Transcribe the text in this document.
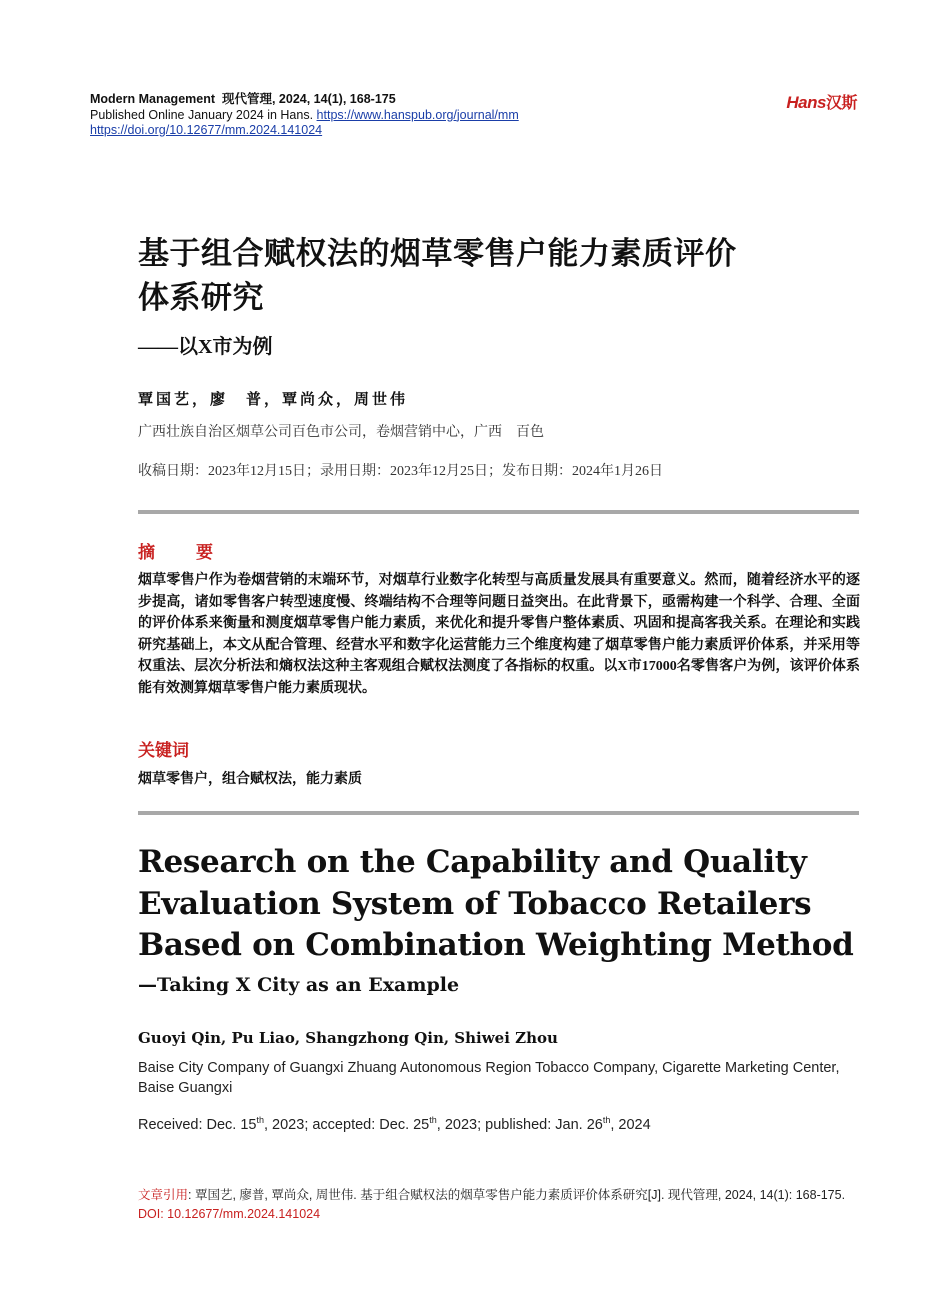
Modern Management 现代管理, 2024, 14(1), 168-175
Published Online January 2024 in Hans. https://www.hanspub.org/journal/mm
https://doi.org/10.12677/mm.2024.141024
Hans汉斯
基于组合赋权法的烟草零售户能力素质评价
体系研究
——以X市为例
覃国艺，廖　普，覃尚众，周世伟
广西壮族自治区烟草公司百色市公司，卷烟营销中心，广西　百色
收稿日期：2023年12月15日；录用日期：2023年12月25日；发布日期：2024年1月26日
摘　要
烟草零售户作为卷烟营销的末端环节，对烟草行业数字化转型与高质量发展具有重要意义。然而，随着经济水平的逐步提高，诸如零售客户转型速度慢、终端结构不合理等问题日益突出。在此背景下，亟需构建一个科学、合理、全面的评价体系来衡量和测度烟草零售户能力素质，来优化和提升零售户整体素质、巩固和提高客我关系。在理论和实践研究基础上，本文从配合管理、经营水平和数字化运营能力三个维度构建了烟草零售户能力素质评价体系，并采用等权重法、层次分析法和熵权法这种主客观组合赋权法测度了各指标的权重。以X市17000名零售客户为例，该评价体系能有效测算烟草零售户能力素质现状。
关键词
烟草零售户，组合赋权法，能力素质
Research on the Capability and Quality
Evaluation System of Tobacco Retailers
Based on Combination Weighting Method
—Taking X City as an Example
Guoyi Qin, Pu Liao, Shangzhong Qin, Shiwei Zhou
Baise City Company of Guangxi Zhuang Autonomous Region Tobacco Company, Cigarette Marketing Center, Baise Guangxi
Received: Dec. 15th, 2023; accepted: Dec. 25th, 2023; published: Jan. 26th, 2024
文章引用: 覃国艺, 廖普, 覃尚众, 周世伟. 基于组合赋权法的烟草零售户能力素质评价体系研究[J]. 现代管理, 2024, 14(1): 168-175. DOI: 10.12677/mm.2024.141024
